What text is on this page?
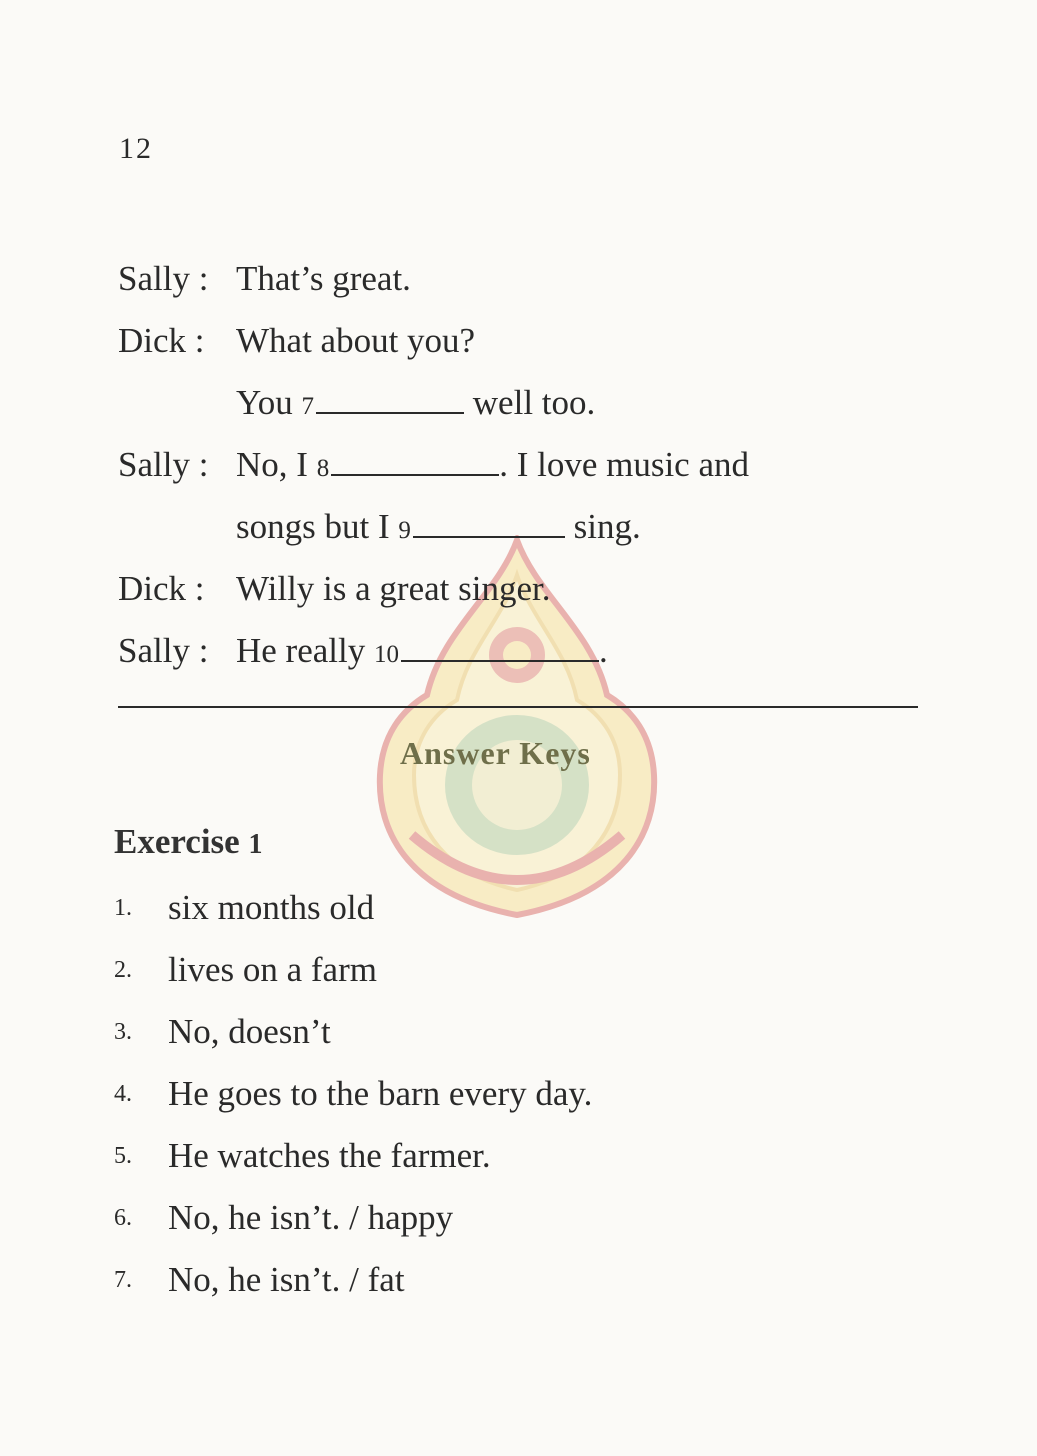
12
Sally : That’s great.
Dick : What about you?
You 7	well too.
Sally : No, I 8	. I love music and
songs but I 9	sing.
Dick : Willy is a great singer.
Sally : He really 10	.
Answer Keys
Exercise 1
1.	six months old
2.	lives on a farm
3.	No, doesn’t
4.	He goes to the barn every day.
5.	He watches the farmer.
6.	No, he isn’t. / happy
7.	No, he isn’t. / fat
